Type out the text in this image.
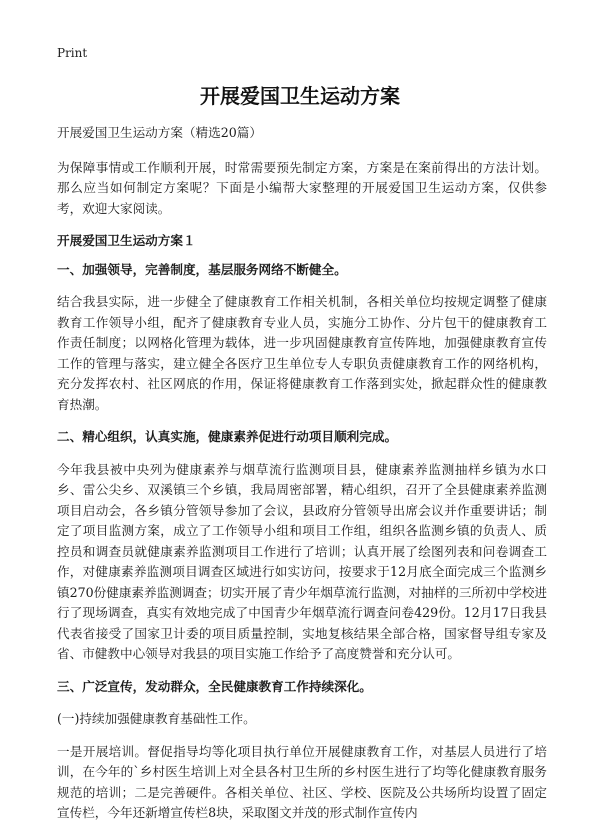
Print
开展爱国卫生运动方案

开展爱国卫生运动方案（精选20篇）

为保障事情或工作顺利开展，时常需要预先制定方案，方案是在案前得出的方法计划。那么应当如何制定方案呢？下面是小编帮大家整理的开展爱国卫生运动方案，仅供参考，欢迎大家阅读。

开展爱国卫生运动方案１

一、加强领导，完善制度，基层服务网络不断健全。

结合我县实际，进一步健全了健康教育工作相关机制，各相关单位均按规定调整了健康教育工作领导小组，配齐了健康教育专业人员，实施分工协作、分片包干的健康教育工作责任制度；以网格化管理为载体，进一步巩固健康教育宣传阵地，加强健康教育宣传工作的管理与落实，建立健全各医疗卫生单位专人专职负责健康教育工作的网络机构，充分发挥农村、社区网底的作用，保证将健康教育工作落到实处，掀起群众性的健康教育热潮。

二、精心组织，认真实施，健康素养促进行动项目顺利完成。

今年我县被中央列为健康素养与烟草流行监测项目县，健康素养监测抽样乡镇为水口乡、雷公尖乡、双溪镇三个乡镇，我局周密部署，精心组织，召开了全县健康素养监测项目启动会，各乡镇分管领导参加了会议，县政府分管领导出席会议并作重要讲话；制定了项目监测方案，成立了工作领导小组和项目工作组，组织各监测乡镇的负责人、质控员和调查员就健康素养监测项目工作进行了培训；认真开展了绘图列表和问卷调查工作，对健康素养监测项目调查区域进行如实访问，按要求于12月底全面完成三个监测乡镇270份健康素养监测调查；切实开展了青少年烟草流行监测，对抽样的三所初中学校进行了现场调查，真实有效地完成了中国青少年烟草流行调查问卷429份。12月17日我县代表省接受了国家卫计委的项目质量控制，实地复核结果全部合格，国家督导组专家及省、市健教中心领导对我县的项目实施工作给予了高度赞誉和充分认可。

三、广泛宣传，发动群众，全民健康教育工作持续深化。

(一)持续加强健康教育基础性工作。

一是开展培训。督促指导均等化项目执行单位开展健康教育工作，对基层人员进行了培训，在今年的`乡村医生培训上对全县各村卫生所的乡村医生进行了均等化健康教育服务规范的培训；二是完善硬件。各相关单位、社区、学校、医院及公共场所均设置了固定宣传栏，今年还新增宣传栏8块，采取图文并茂的形式制作宣传内
